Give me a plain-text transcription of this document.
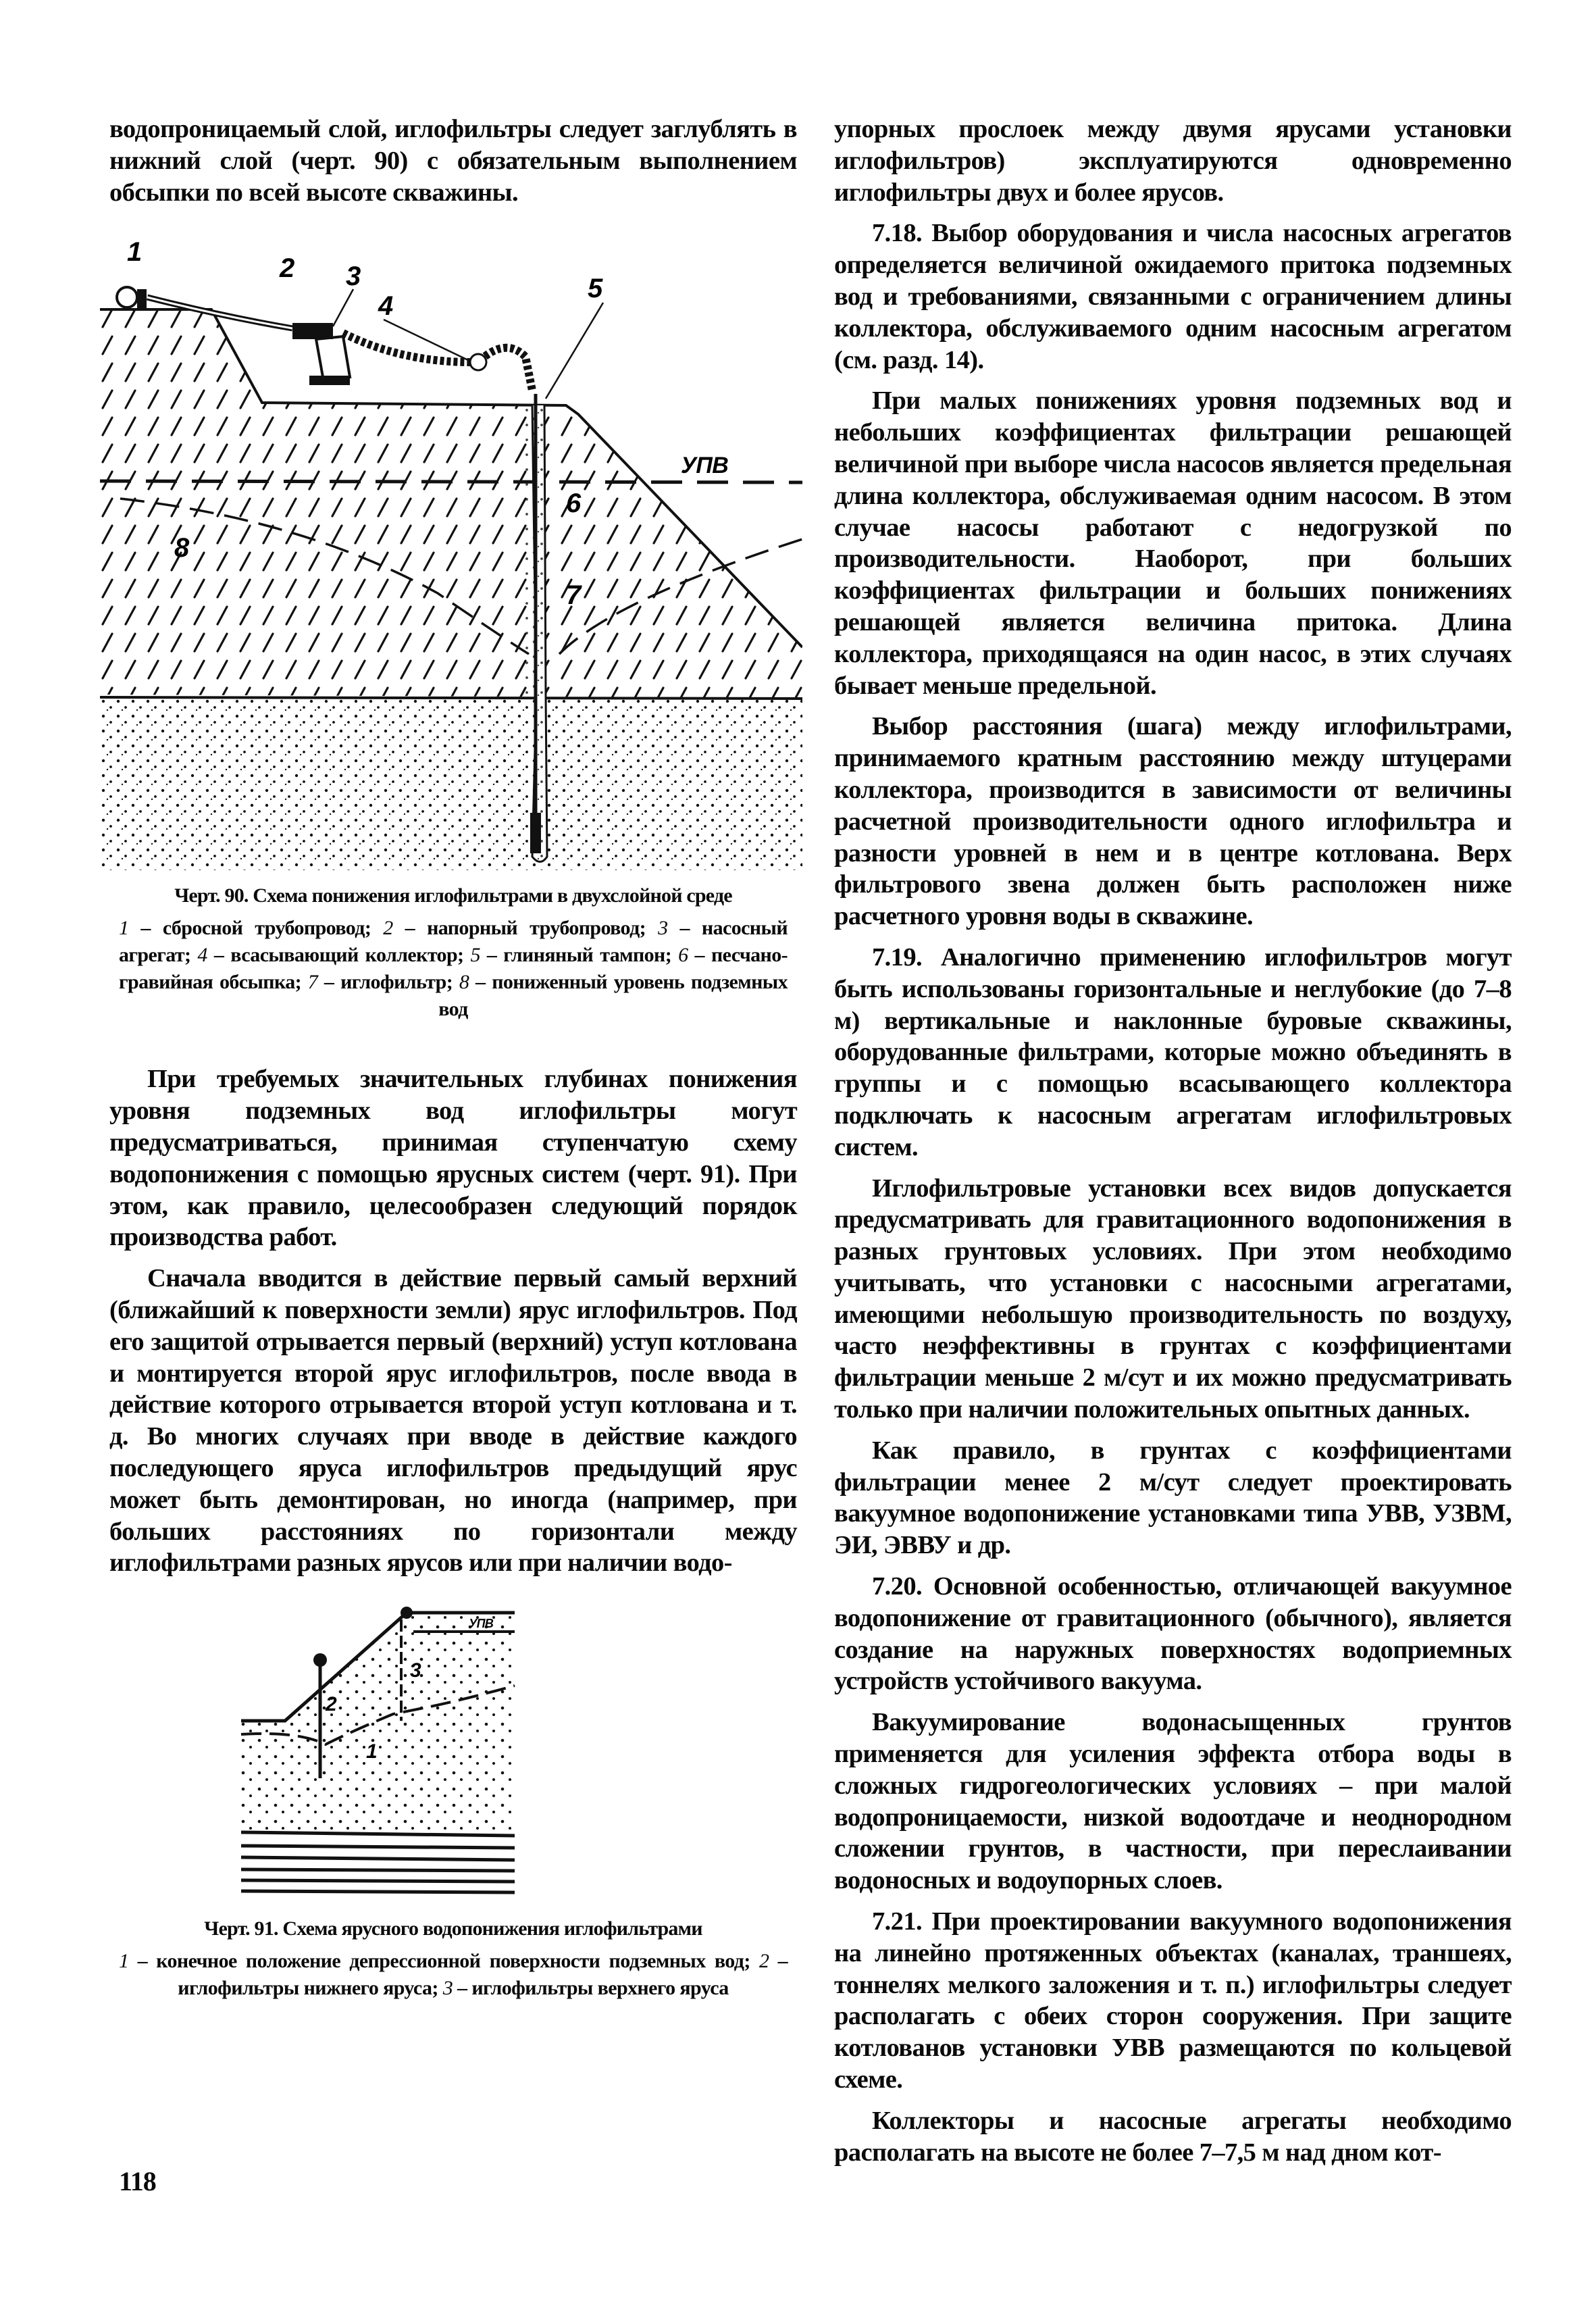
водопроницаемый слой, иглофильтры следует заглублять в нижний слой (черт. 90) с обязательным выполнением обсыпки по всей высоте скважины.

1
2 3
4
5
6
7
8
УПВ
Черт. 90. Схема понижения иглофильтрами в двухслойной среде
1 – сбросной трубопровод; 2 – напорный трубопровод; 3 – насосный агрегат; 4 – всасывающий коллектор; 5 – глиняный тампон; 6 – песчано-гравийная обсыпка; 7 – иглофильтр; 8 – пониженный уровень подземных вод

При требуемых значительных глубинах понижения уровня подземных вод иглофильтры могут предусматриваться, принимая ступенчатую схему водопонижения с помощью ярусных систем (черт. 91). При этом, как правило, целесообразен следующий порядок производства работ.

Сначала вводится в действие первый самый верхний (ближайший к поверхности земли) ярус иглофильтров. Под его защитой отрывается первый (верхний) уступ котлована и монтируется второй ярус иглофильтров, после ввода в действие которого отрывается второй уступ котлована и т. д. Во многих случаях при вводе в действие каждого последующего яруса иглофильтров предыдущий ярус может быть демонтирован, но иногда (например, при больших расстояниях по горизонтали между иглофильтрами разных ярусов или при наличии водо-

2
3
1
УПВ
Черт. 91. Схема ярусного водопонижения иглофильтрами
1 – конечное положение депрессионной поверхности подземных вод; 2 – иглофильтры нижнего яруса; 3 – иглофильтры верхнего яруса

упорных прослоек между двумя ярусами установки иглофильтров) эксплуатируются одновременно иглофильтры двух и более ярусов.

7.18. Выбор оборудования и числа насосных агрегатов определяется величиной ожидаемого притока подземных вод и требованиями, связанными с ограничением длины коллектора, обслуживаемого одним насосным агрегатом (см. разд. 14).

При малых понижениях уровня подземных вод и небольших коэффициентах фильтрации решающей величиной при выборе числа насосов является предельная длина коллектора, обслуживаемая одним насосом. В этом случае насосы работают с недогрузкой по производительности. Наоборот, при больших коэффициентах фильтрации и больших понижениях решающей является величина притока. Длина коллектора, приходящаяся на один насос, в этих случаях бывает меньше предельной.

Выбор расстояния (шага) между иглофильтрами, принимаемого кратным расстоянию между штуцерами коллектора, производится в зависимости от величины расчетной производительности одного иглофильтра и разности уровней в нем и в центре котлована. Верх фильтрового звена должен быть расположен ниже расчетного уровня воды в скважине.

7.19. Аналогично применению иглофильтров могут быть использованы горизонтальные и неглубокие (до 7–8 м) вертикальные и наклонные буровые скважины, оборудованные фильтрами, которые можно объединять в группы и с помощью всасывающего коллектора подключать к насосным агрегатам иглофильтровых систем.

Иглофильтровые установки всех видов допускается предусматривать для гравитационного водопонижения в разных грунтовых условиях. При этом необходимо учитывать, что установки с насосными агрегатами, имеющими небольшую производительность по воздуху, часто неэффективны в грунтах с коэффициентами фильтрации меньше 2 м/сут и их можно предусматривать только при наличии положительных опытных данных.

Как правило, в грунтах с коэффициентами фильтрации менее 2 м/сут следует проектировать вакуумное водопонижение установками типа УВВ, УЗВМ, ЭИ, ЭВВУ и др.

7.20. Основной особенностью, отличающей вакуумное водопонижение от гравитационного (обычного), является создание на наружных поверхностях водоприемных устройств устойчивого вакуума.

Вакуумирование водонасыщенных грунтов применяется для усиления эффекта отбора воды в сложных гидрогеологических условиях – при малой водопроницаемости, низкой водоотдаче и неоднородном сложении грунтов, в частности, при переслаивании водоносных и водоупорных слоев.

7.21. При проектировании вакуумного водопонижения на линейно протяженных объектах (каналах, траншеях, тоннелях мелкого заложения и т. п.) иглофильтры следует располагать с обеих сторон сооружения. При защите котлованов установки УВВ размещаются по кольцевой схеме.

Коллекторы и насосные агрегаты необходимо располагать на высоте не более 7–7,5 м над дном кот-

118
